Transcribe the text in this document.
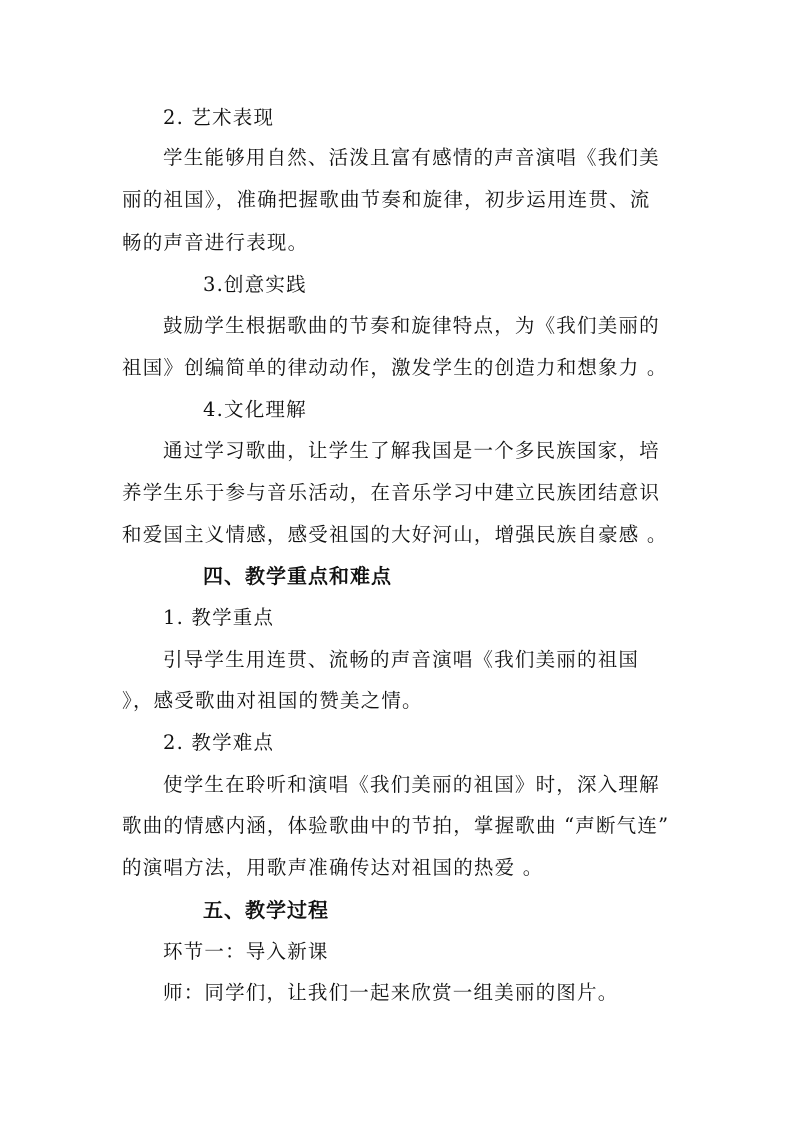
2. 艺术表现
学生能够用自然、活泼且富有感情的声音演唱《我们美
丽的祖国》，准确把握歌曲节奏和旋律，初步运用连贯、流
畅的声音进行表现。
3.创意实践
鼓励学生根据歌曲的节奏和旋律特点，为《我们美丽的
祖国》创编简单的律动动作，激发学生的创造力和想象力 。
4.文化理解
通过学习歌曲，让学生了解我国是一个多民族国家，培
养学生乐于参与音乐活动，在音乐学习中建立民族团结意识
和爱国主义情感，感受祖国的大好河山，增强民族自豪感 。
四、教学重点和难点
1. 教学重点
引导学生用连贯、流畅的声音演唱《我们美丽的祖国
》，感受歌曲对祖国的赞美之情。
2. 教学难点
使学生在聆听和演唱《我们美丽的祖国》时，深入理解
歌曲的情感内涵，体验歌曲中的节拍，掌握歌曲 “声断气连”
的演唱方法，用歌声准确传达对祖国的热爱 。
五、教学过程
环节一：导入新课
师：同学们，让我们一起来欣赏一组美丽的图片。
